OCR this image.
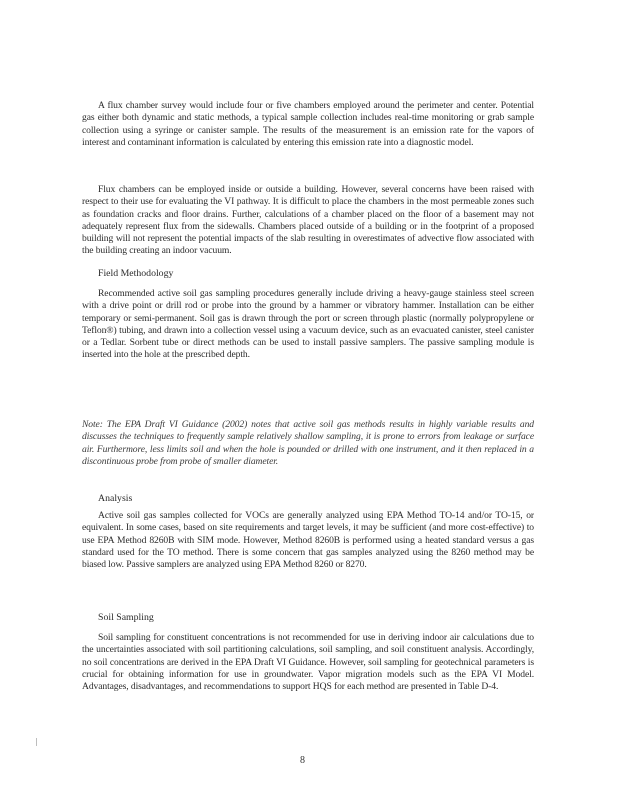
A flux chamber survey would include four or five chambers employed around the perimeter and center. Potential gas either both dynamic and static methods, a typical sample collection includes real-time monitoring or grab sample collection using a syringe or canister sample. The results of the measurement is an emission rate for the vapors of interest and contaminant information is calculated by entering this emission rate into a diagnostic model.

Flux chambers can be employed inside or outside a building. However, several concerns have been raised with respect to their use for evaluating the VI pathway. It is difficult to place the chambers in the most permeable zones such as foundation cracks and floor drains. Further, calculations of a chamber placed on the floor of a basement may not adequately represent flux from the sidewalls. Chambers placed outside of a building or in the footprint of a proposed building will not represent the potential impacts of the slab resulting in overestimates of advective flow associated with the building creating an indoor vacuum.

Field Methodology

Recommended active soil gas sampling procedures generally include driving a heavy-gauge stainless steel screen with a drive point or drill rod or probe into the ground by a hammer or vibratory hammer. Installation can be either temporary or semi-permanent. Soil gas is drawn through the port or screen through plastic (normally polypropylene or Teflon®) tubing, and drawn into a collection vessel using a vacuum device, such as an evacuated canister, steel canister or a Tedlar. Sorbent tube or direct methods can be used to install passive samplers. The passive sampling module is inserted into the hole at the prescribed depth.

Note: The EPA Draft VI Guidance (2002) notes that active soil gas methods results in highly variable results and discusses the techniques to frequently sample relatively shallow sampling, it is prone to errors from leakage or surface air. Furthermore, less limits soil and when the hole is pounded or drilled with one instrument, and it then replaced in a discontinuous probe from probe of smaller diameter.

Analysis

Active soil gas samples collected for VOCs are generally analyzed using EPA Method TO-14 and/or TO-15, or equivalent. In some cases, based on site requirements and target levels, it may be sufficient (and more cost-effective) to use EPA Method 8260B with SIM mode. However, Method 8260B is performed using a heated standard versus a gas standard used for the TO method. There is some concern that gas samples analyzed using the 8260 method may be biased low. Passive samplers are analyzed using EPA Method 8260 or 8270.

Soil Sampling

Soil sampling for constituent concentrations is not recommended for use in deriving indoor air calculations due to the uncertainties associated with soil partitioning calculations, soil sampling, and soil constituent analysis. Accordingly, no soil concentrations are derived in the EPA Draft VI Guidance. However, soil sampling for geotechnical parameters is crucial for obtaining information for use in groundwater. Vapor migration models such as the EPA VI Model. Advantages, disadvantages, and recommendations to support HQS for each method are presented in Table D-4.

8
